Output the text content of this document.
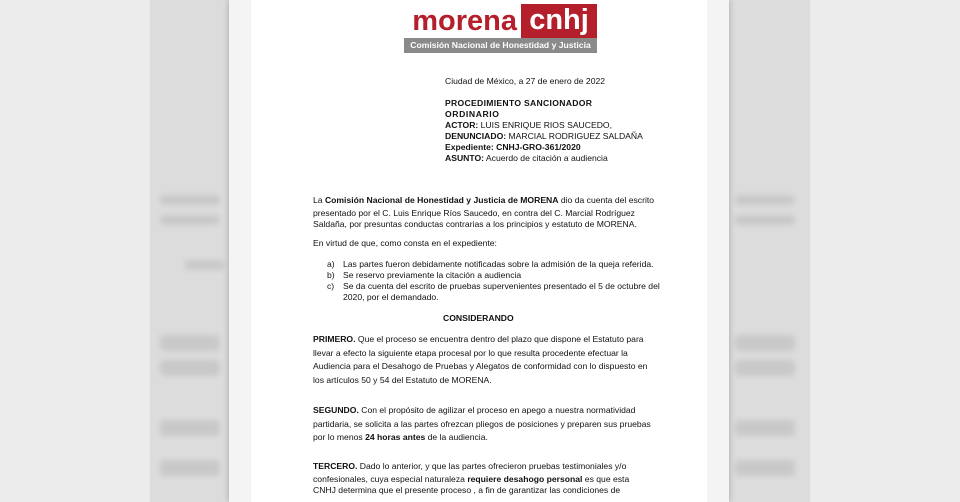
morena cnhj
Comisión Nacional de Honestidad y Justicia
Ciudad de México, a 27 de enero de 2022
PROCEDIMIENTO SANCIONADOR
ORDINARIO
ACTOR: LUIS ENRIQUE RIOS SAUCEDO,
DENUNCIADO: MARCIAL RODRIGUEZ SALDAÑA
Expediente: CNHJ-GRO-361/2020
ASUNTO: Acuerdo de citación a audiencia
La Comisión Nacional de Honestidad y Justicia de MORENA dio da cuenta del escrito
presentado por el C. Luis Enrique Ríos Saucedo, en contra del C. Marcial Rodríguez
Saldaña, por presuntas conductas contrarias a los principios y estatuto de MORENA.
En virtud de que, como consta en el expediente:
a) Las partes fueron debidamente notificadas sobre la admisión de la queja referida.
b) Se reservo previamente la citación a audiencia
c) Se da cuenta del escrito de pruebas supervenientes presentado el 5 de octubre del
2020, por el demandado.
CONSIDERANDO
PRIMERO. Que el proceso se encuentra dentro del plazo que dispone el Estatuto para
llevar a efecto la siguiente etapa procesal por lo que resulta procedente efectuar la
Audiencia para el Desahogo de Pruebas y Alegatos de conformidad con lo dispuesto en
los artículos 50 y 54 del Estatuto de MORENA.
SEGUNDO. Con el propósito de agilizar el proceso en apego a nuestra normatividad
partidaria, se solicita a las partes ofrezcan pliegos de posiciones y preparen sus pruebas
por lo menos 24 horas antes de la audiencia.
TERCERO. Dado lo anterior, y que las partes ofrecieron pruebas testimoniales y/o
confesionales, cuya especial naturaleza requiere desahogo personal es que esta
CNHJ determina que el presente proceso , a fin de garantizar las condiciones de
